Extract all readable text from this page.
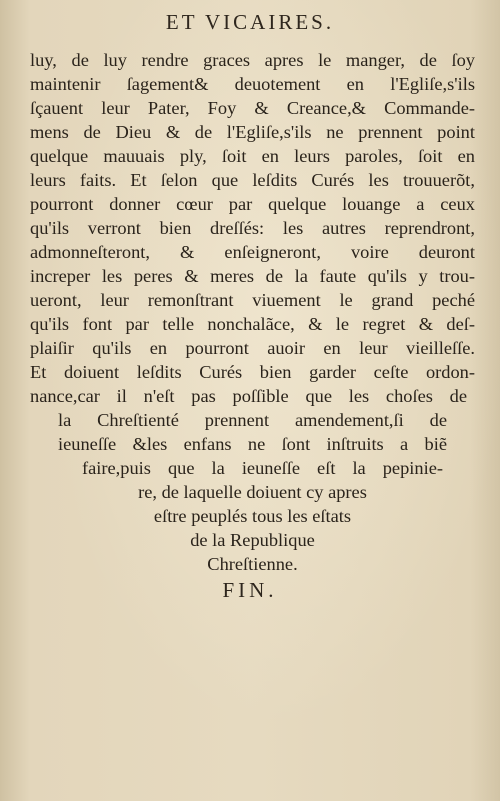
ET VICAIRES.
luy, de luy rendre graces apres le manger, de ſoy
maintenir ſagement& deuotement en l'Egliſe,s'ils
ſçauent leur Pater, Foy & Creance,& Commande-
mens de Dieu & de l'Egliſe,s'ils ne prennent point
quelque mauuais ply, ſoit en leurs paroles, ſoit en
leurs faits. Et ſelon que leſdits Curés les trouuerõt,
pourront donner cœur par quelque louange a ceux
qu'ils verront bien dreſſés: les autres reprendront,
admonneſteront, & enſeigneront, voire deuront
increper les peres & meres de la faute qu'ils y trou-
ueront, leur remonſtrant viuement le grand peché
qu'ils font par telle nonchalãce, & le regret & deſ-
plaiſir qu'ils en pourront auoir en leur vieilleſſe.
Et doiuent leſdits Curés bien garder ceſte ordon-
nance,car il n'eſt pas poſſible que les choſes de
la Chreſtienté prennent amendement,ſi de
ieuneſſe &les enfans ne ſont inſtruits a biẽ
faire,puis que la ieuneſſe eſt la pepinie-
re, de laquelle doiuent cy apres
eſtre peuplés tous les eſtats
de la Republique
Chreſtienne.
FIN.
